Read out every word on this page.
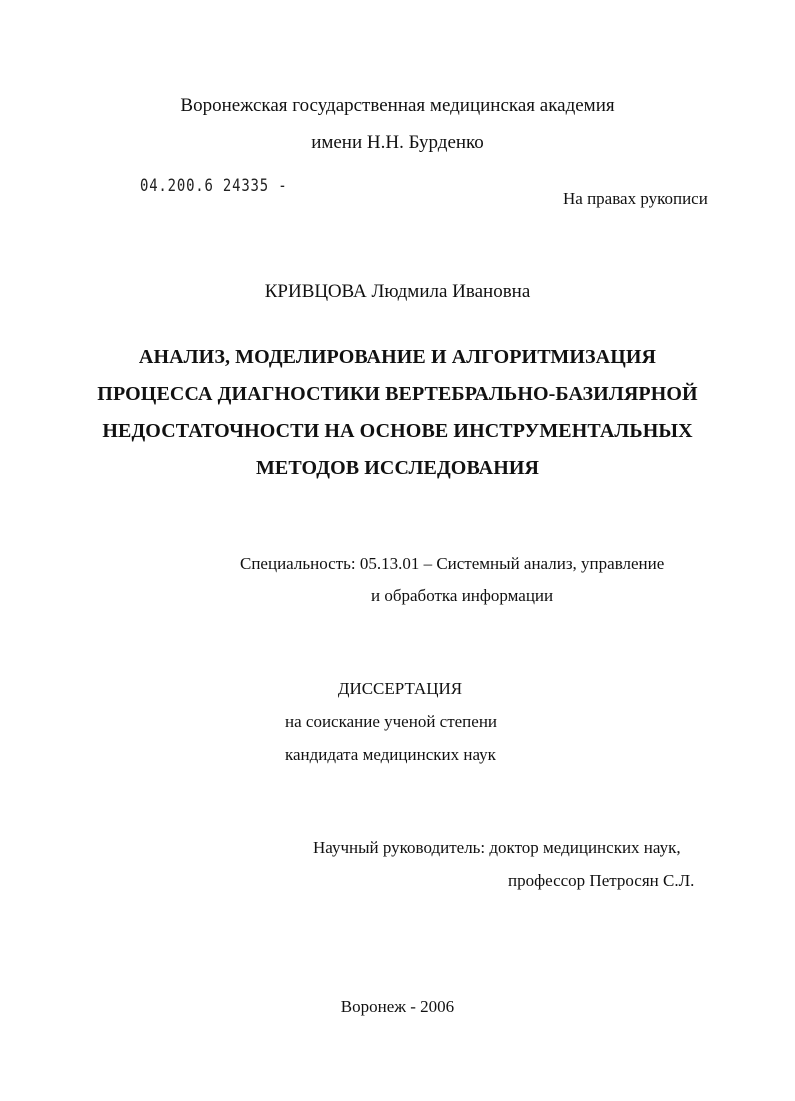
Воронежская государственная медицинская академия
имени Н.Н. Бурденко
04.200.6 24335 -
На правах рукописи
КРИВЦОВА Людмила Ивановна
АНАЛИЗ, МОДЕЛИРОВАНИЕ И АЛГОРИТМИЗАЦИЯ
ПРОЦЕССА ДИАГНОСТИКИ ВЕРТЕБРАЛЬНО-БАЗИЛЯРНОЙ
НЕДОСТАТОЧНОСТИ НА ОСНОВЕ ИНСТРУМЕНТАЛЬНЫХ
МЕТОДОВ ИССЛЕДОВАНИЯ
Специальность: 05.13.01 – Системный анализ, управление
и обработка информации
ДИССЕРТАЦИЯ
на соискание ученой степени
кандидата медицинских наук
Научный руководитель: доктор медицинских наук,
профессор Петросян С.Л.
Воронеж - 2006
